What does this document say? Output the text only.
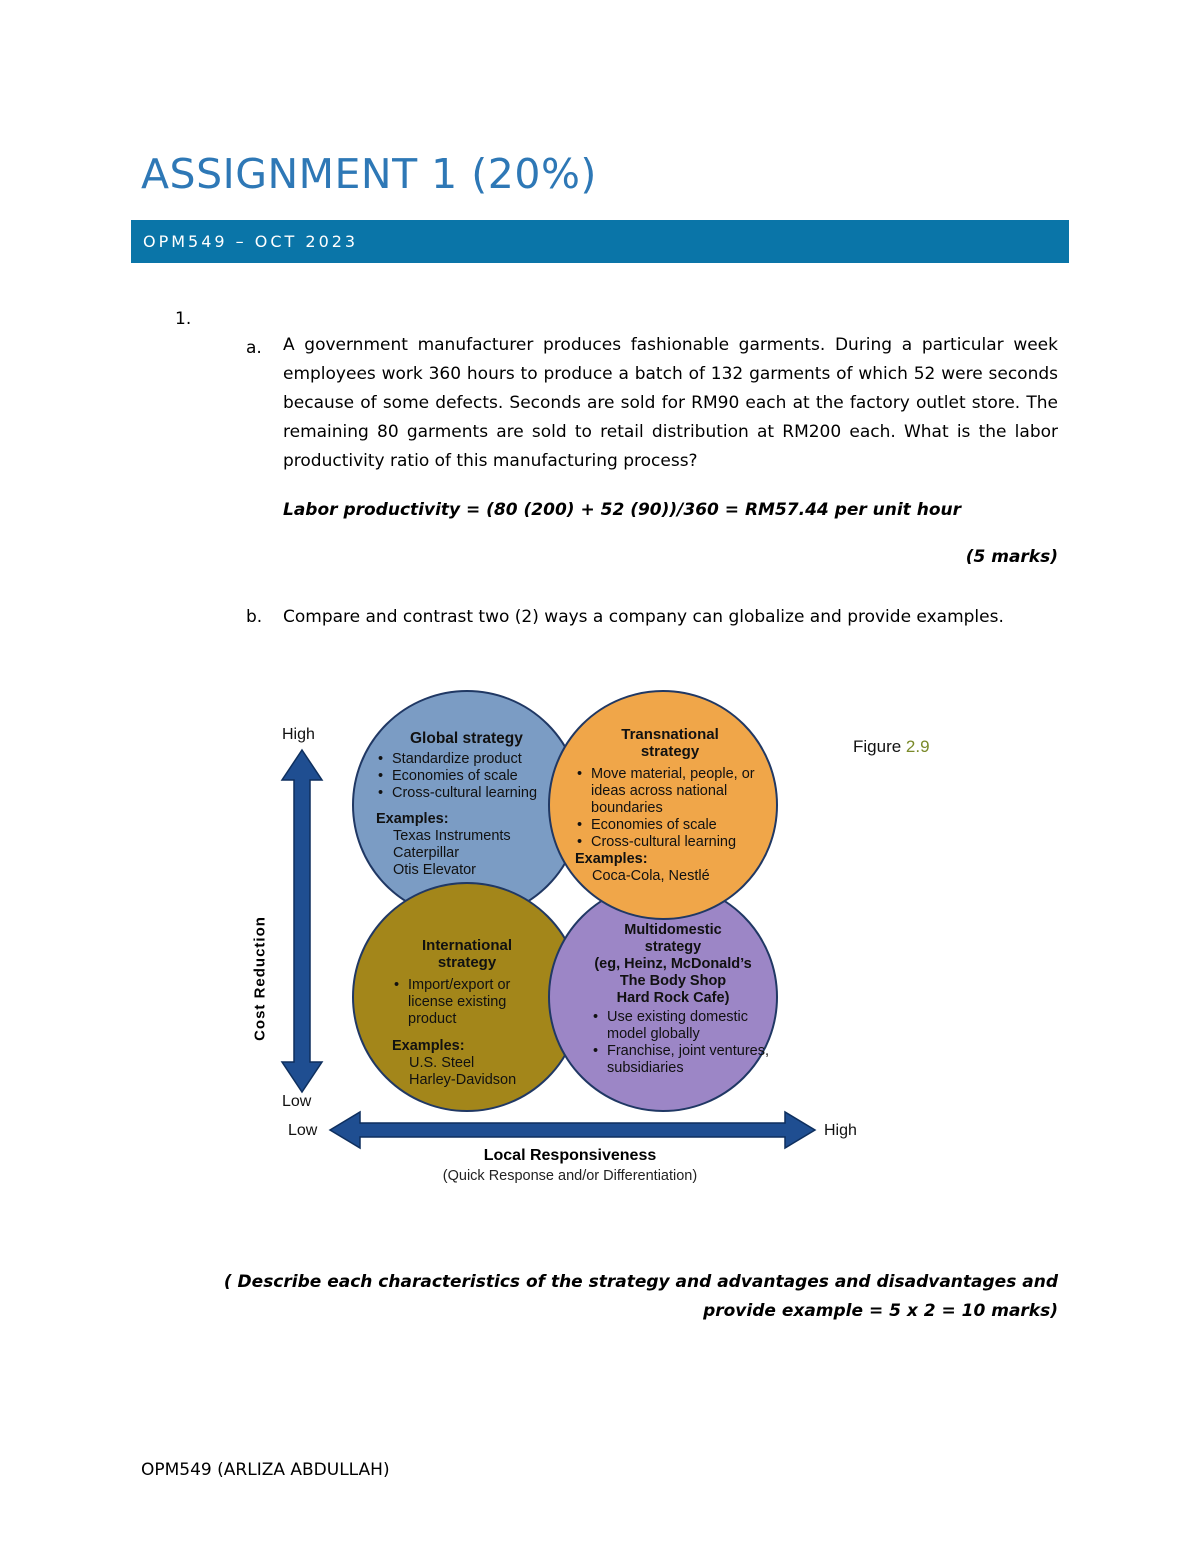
ASSIGNMENT 1 (20%)
OPM549 – OCT 2023
1.
a. A government manufacturer produces fashionable garments. During a particular week employees work 360 hours to produce a batch of 132 garments of which 52 were seconds because of some defects. Seconds are sold for RM90 each at the factory outlet store. The remaining 80 garments are sold to retail distribution at RM200 each. What is the labor productivity ratio of this manufacturing process?

Labor productivity = (80 (200) + 52 (90))/360 = RM57.44 per unit hour
(5 marks)
b. Compare and contrast two (2) ways a company can globalize and provide examples.
High
Low
Low	High
Cost Reduction
Local Responsiveness
(Quick Response and/or Differentiation)
Figure 2.9
Global strategy
• Standardize product
• Economies of scale
• Cross-cultural learning
Examples:
Texas Instruments
Caterpillar
Otis Elevator
Transnational
strategy
• Move material, people, or ideas across national boundaries
• Economies of scale
• Cross-cultural learning
Examples:
Coca-Cola, Nestlé
International
strategy
• Import/export or license existing product
Examples:
U.S. Steel
Harley-Davidson
Multidomestic
strategy
(eg, Heinz, McDonald’s
The Body Shop
Hard Rock Cafe)
• Use existing domestic model globally
• Franchise, joint ventures, subsidiaries

( Describe each characteristics of the strategy and advantages and disadvantages and provide example = 5 x 2 = 10 marks)

OPM549 (ARLIZA ABDULLAH)
